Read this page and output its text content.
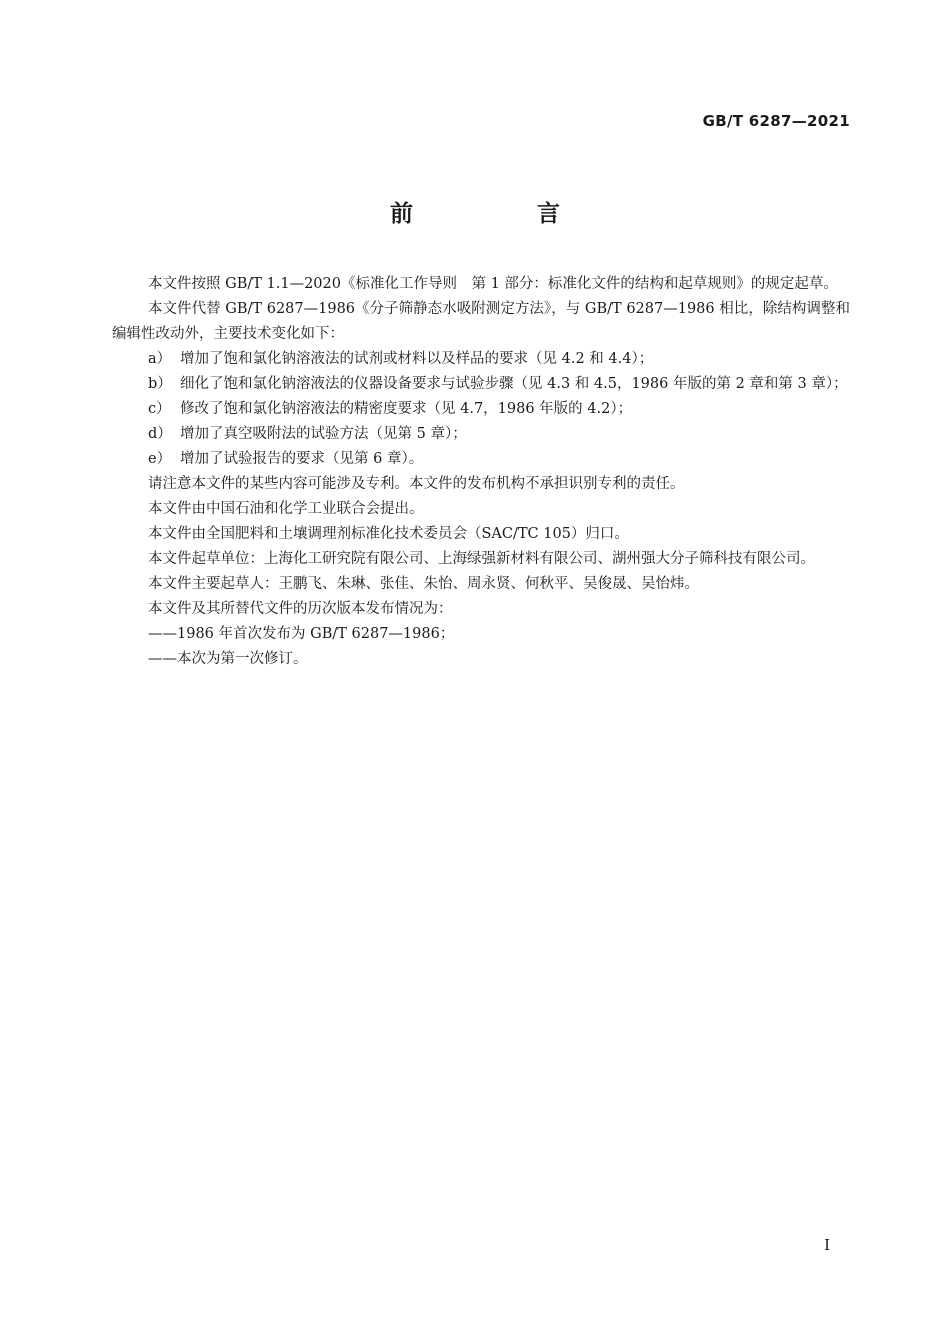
GB/T 6287—2021
前 言

本文件按照 GB/T 1.1—2020《标准化工作导则　第 1 部分：标准化文件的结构和起草规则》的规定起草。

本文件代替 GB/T 6287—1986《分子筛静态水吸附测定方法》，与 GB/T 6287—1986 相比，除结构调整和编辑性改动外，主要技术变化如下：

a） 增加了饱和氯化钠溶液法的试剂或材料以及样品的要求（见 4.2 和 4.4）；
b） 细化了饱和氯化钠溶液法的仪器设备要求与试验步骤（见 4.3 和 4.5，1986 年版的第 2 章和第 3 章）；
c） 修改了饱和氯化钠溶液法的精密度要求（见 4.7，1986 年版的 4.2）；
d） 增加了真空吸附法的试验方法（见第 5 章）；
e） 增加了试验报告的要求（见第 6 章）。

请注意本文件的某些内容可能涉及专利。本文件的发布机构不承担识别专利的责任。

本文件由中国石油和化学工业联合会提出。

本文件由全国肥料和土壤调理剂标准化技术委员会（SAC/TC 105）归口。

本文件起草单位：上海化工研究院有限公司、上海绿强新材料有限公司、湖州强大分子筛科技有限公司。

本文件主要起草人：王鹏飞、朱琳、张佳、朱怡、周永贤、何秋平、吴俊晟、吴怡炜。

本文件及其所替代文件的历次版本发布情况为：

——1986 年首次发布为 GB/T 6287—1986；

——本次为第一次修订。

I
